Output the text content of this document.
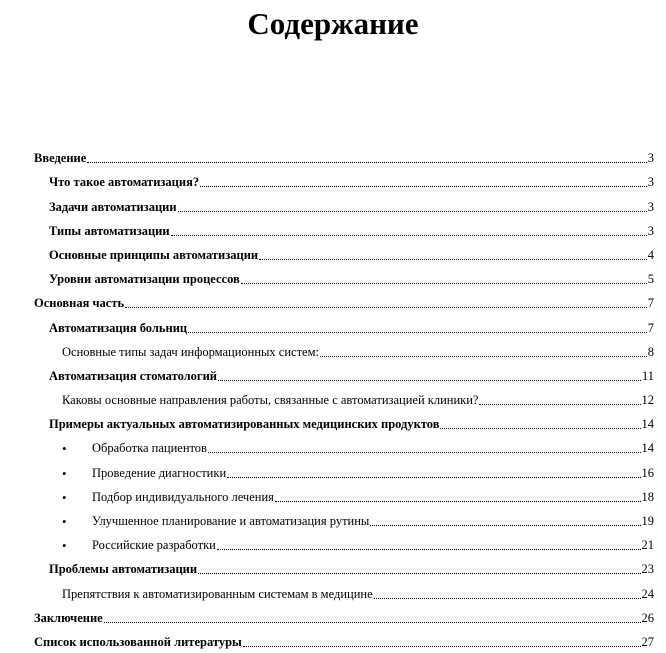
Содержание
Введение	3
Что такое автоматизация?	3
Задачи автоматизации	3
Типы автоматизации	3
Основные принципы автоматизации	4
Уровни автоматизации процессов	5
Основная часть	7
Автоматизация больниц	7
Основные типы задач информационных систем:	8
Автоматизация стоматологий	11
Каковы основные направления работы, связанные с автоматизацией клиники?	12
Примеры актуальных автоматизированных медицинских продуктов	14
•	Обработка пациентов	14
•	Проведение диагностики	16
•	Подбор индивидуального лечения	18
•	Улучшенное планирование и автоматизация рутины	19
•	Российские разработки	21
Проблемы автоматизации	23
Препятствия к автоматизированным системам в медицине	24
Заключение	26
Список использованной литературы	27
